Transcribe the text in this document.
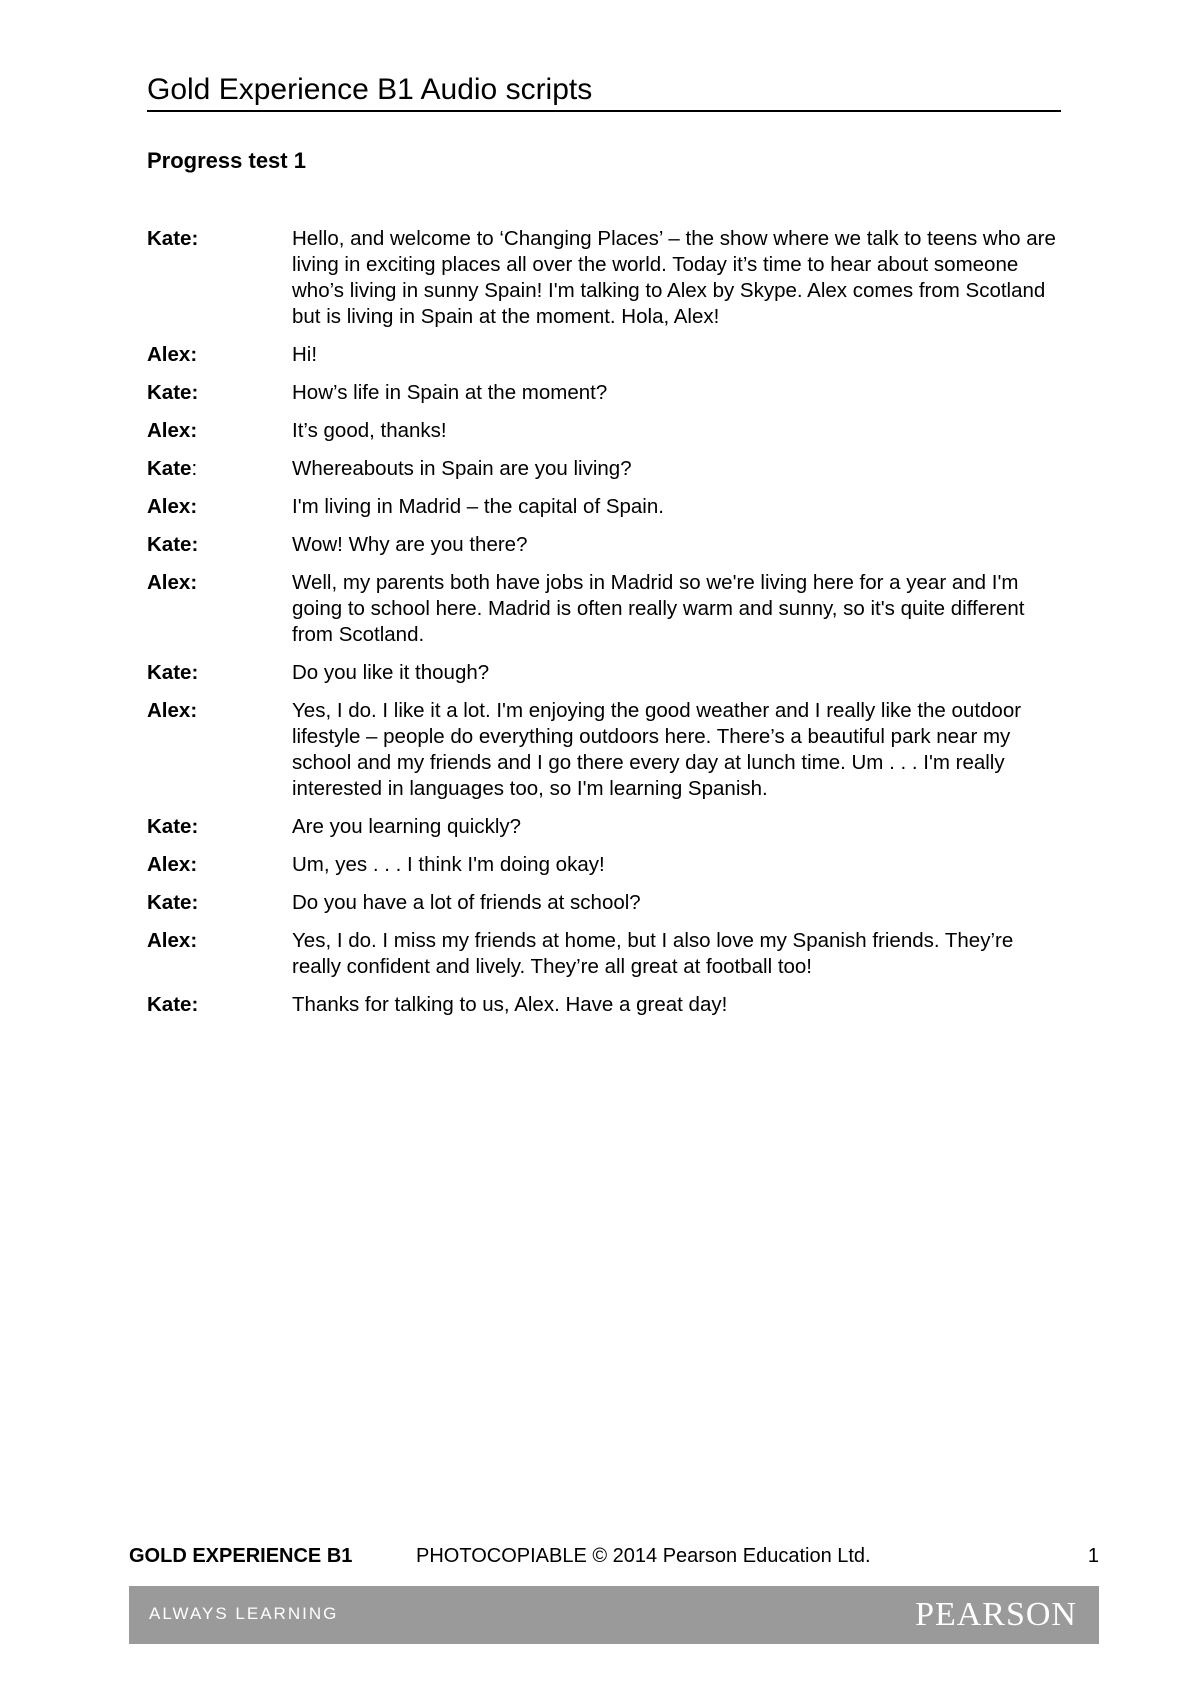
Gold Experience B1 Audio scripts
Progress test 1
Kate:	Hello, and welcome to ‘Changing Places’ – the show where we talk to teens who are living in exciting places all over the world. Today it’s time to hear about someone who’s living in sunny Spain! I'm talking to Alex by Skype. Alex comes from Scotland but is living in Spain at the moment. Hola, Alex!
Alex:	Hi!
Kate:	How’s life in Spain at the moment?
Alex:	It’s good, thanks!
Kate:	Whereabouts in Spain are you living?
Alex:	I'm living in Madrid – the capital of Spain.
Kate:	Wow! Why are you there?
Alex:	Well, my parents both have jobs in Madrid so we're living here for a year and I'm going to school here. Madrid is often really warm and sunny, so it's quite different from Scotland.
Kate:	Do you like it though?
Alex:	Yes, I do. I like it a lot. I'm enjoying the good weather and I really like the outdoor lifestyle – people do everything outdoors here. There’s a beautiful park near my school and my friends and I go there every day at lunch time. Um . . . I'm really interested in languages too, so I'm learning Spanish.
Kate:	Are you learning quickly?
Alex:	Um, yes . . . I think I'm doing okay!
Kate:	Do you have a lot of friends at school?
Alex:	Yes, I do. I miss my friends at home, but I also love my Spanish friends. They’re really confident and lively. They’re all great at football too!
Kate:	Thanks for talking to us, Alex. Have a great day!
GOLD EXPERIENCE B1	PHOTOCOPIABLE © 2014 Pearson Education Ltd.	1
ALWAYS LEARNING	PEARSON
